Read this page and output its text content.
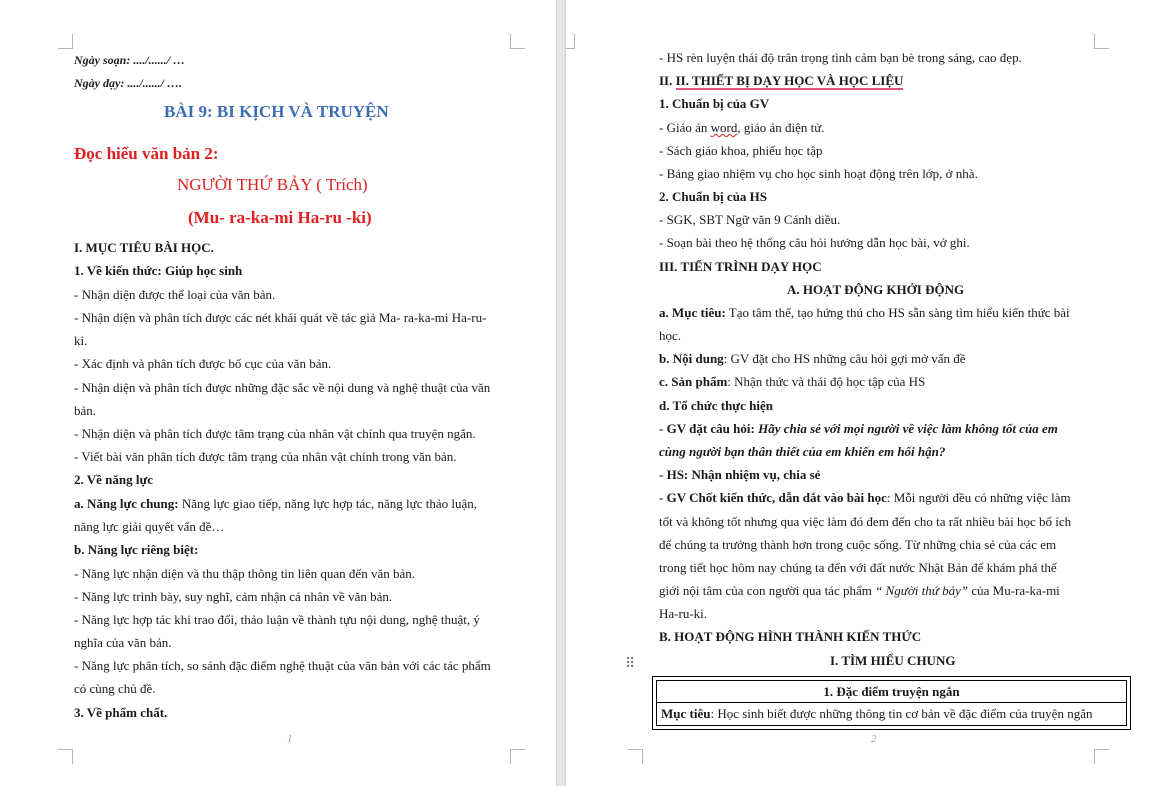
Ngày soạn: ..../....../ …
Ngày dạy: ..../....../ ….
BÀI 9: BI KỊCH VÀ TRUYỆN
Đọc hiểu văn bản 2:
NGƯỜI THỨ BẢY ( Trích)
(Mu- ra-ka-mi Ha-ru -ki)
I. MỤC TIÊU BÀI HỌC.
1. Về kiến thức: Giúp học sinh
- Nhận diện được thể loại của văn bản.
- Nhận diện và phân tích được các nét khái quát về tác giả Ma- ra-ka-mi Ha-ru-
ki.
- Xác định và phân tích được bố cục của văn bản.
- Nhận diện và phân tích được những đặc sắc về nội dung và nghệ thuật của văn
bản.
- Nhận diện và phân tích được tâm trạng của nhân vật chính qua truyện ngắn.
- Viết bài văn phân tích được tâm trạng của nhân vật chính trong văn bản.
2. Về năng lực
a. Năng lực chung: Năng lực giao tiếp, năng lực hợp tác, năng lực thảo luận,
năng lực giải quyết vấn đề…
b. Năng lực riêng biệt:
- Năng lực nhận diện và thu thập thông tin liên quan đến văn bản.
- Năng lực trình bày, suy nghĩ, cảm nhận cá nhân về văn bản.
- Năng lực hợp tác khi trao đổi, thảo luận về thành tựu nội dung, nghệ thuật, ý
nghĩa của văn bản.
- Năng lực phân tích, so sánh đặc điểm nghệ thuật của văn bản với các tác phẩm
có cùng chủ đề.
3. Về phẩm chất.
1	2
- HS rèn luyện thái độ trân trọng tình cảm bạn bè trong sáng, cao đẹp.
II. II. THIẾT BỊ DẠY HỌC VÀ HỌC LIỆU
1. Chuẩn bị của GV
- Giáo án word, giáo án điện tử.
- Sách giáo khoa, phiếu học tập
- Bảng giao nhiệm vụ cho học sinh hoạt động trên lớp, ở nhà.
2. Chuẩn bị của HS
- SGK, SBT Ngữ văn 9 Cánh diều.
- Soạn bài theo hệ thống câu hỏi hướng dẫn học bài, vở ghi.
III. TIẾN TRÌNH DẠY HỌC
A. HOẠT ĐỘNG KHỞI ĐỘNG
a. Mục tiêu: Tạo tâm thế, tạo hứng thú cho HS sẵn sàng tìm hiểu kiến thức bài
học.
b. Nội dung: GV đặt cho HS những câu hỏi gợi mở vấn đề
c. Sản phẩm: Nhận thức và thái độ học tập của HS
d. Tổ chức thực hiện
- GV đặt câu hỏi: Hãy chia sẻ với mọi người về việc làm không tốt của em
cùng người bạn thân thiết của em khiến em hối hận?
- HS: Nhận nhiệm vụ, chia sẻ
- GV Chốt kiến thức, dẫn dắt vào bài học: Mỗi người đều có những việc làm
tốt và không tốt nhưng qua việc làm đó đem đến cho ta rất nhiều bài học bổ ích
để chúng ta trưởng thành hơn trong cuộc sống. Từ những chia sẻ của các em
trong tiết học hôm nay chúng ta đến với đất nước Nhật Bản để khám phá thế
giới nội tâm của con người qua tác phẩm “ Người thứ bảy” của Mu-ra-ka-mi
Ha-ru-ki.
B. HOẠT ĐỘNG HÌNH THÀNH KIẾN THỨC
⠿	I. TÌM HIỂU CHUNG
1. Đặc điểm truyện ngắn
Mục tiêu: Học sinh biết được những thông tin cơ bản về đặc điểm của truyện ngắn
